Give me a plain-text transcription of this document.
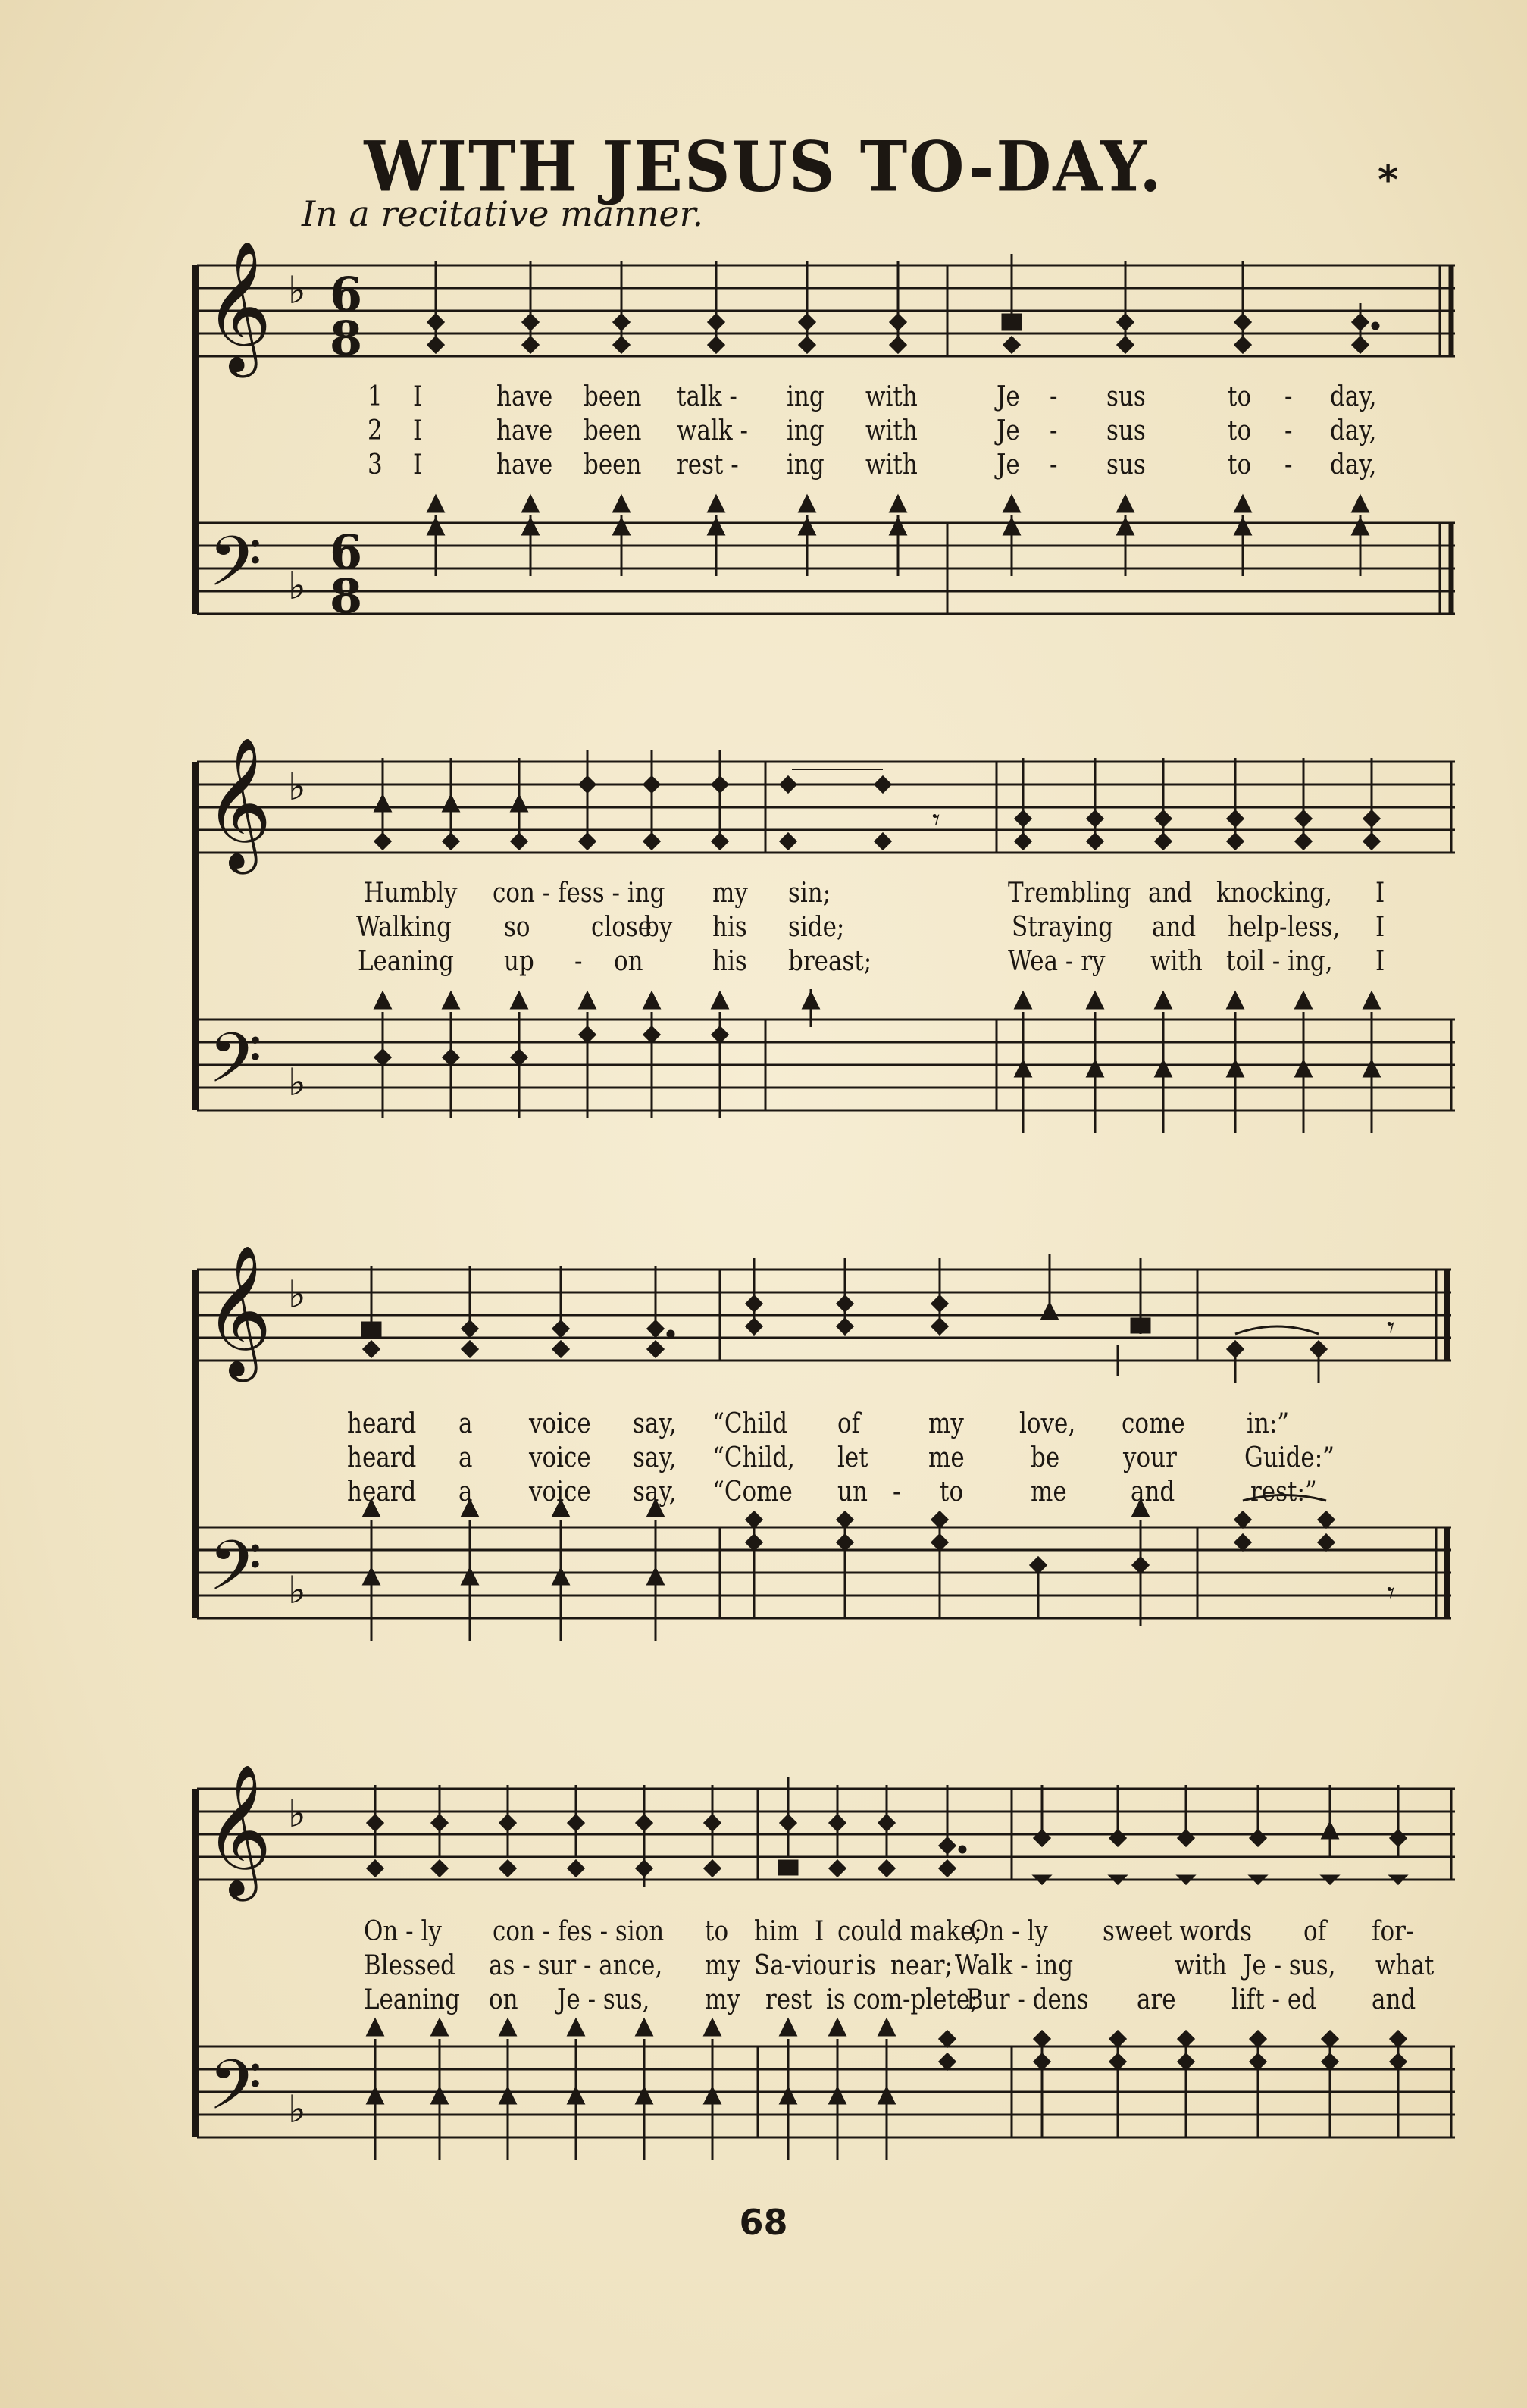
WITH JESUS TO-DAY.	*
In a recitative manner.
𝄞
𝄢
♭
♭
6
8
6
8
1 I	have been talk - ing with	Je - sus	to - day,
2 I	have been walk - ing with	Je - sus	to - day,
3 I	have been rest - ing with	Je - sus	to - day,
𝄞
𝄢
♭
♭
𝄾
Humbly con - fess - ing my sin;	Trembling and knocking, I
Walking so close
by his side;	Straying and help-less, I
Leaning up - on	his breast;	Wea - ry with toil - ing, I
𝄞
𝄢
♭
♭
𝄾
𝄾
heard a voice say, “Child of my love, come in:”
heard a voice say, “Child, let me be your Guide:”
heard a voice say, “Come un - to me and	rest:”
𝄞
𝄢
♭
♭
On - ly con - fes - sion to him I could make;
On - ly sweet words of for-
Blessed as - sur - ance, my Sa-viour is near; Walk - ing	with Je - sus, what
Leaning on Je - sus, my rest is com-plete;
Bur - dens are lift - ed and
68
